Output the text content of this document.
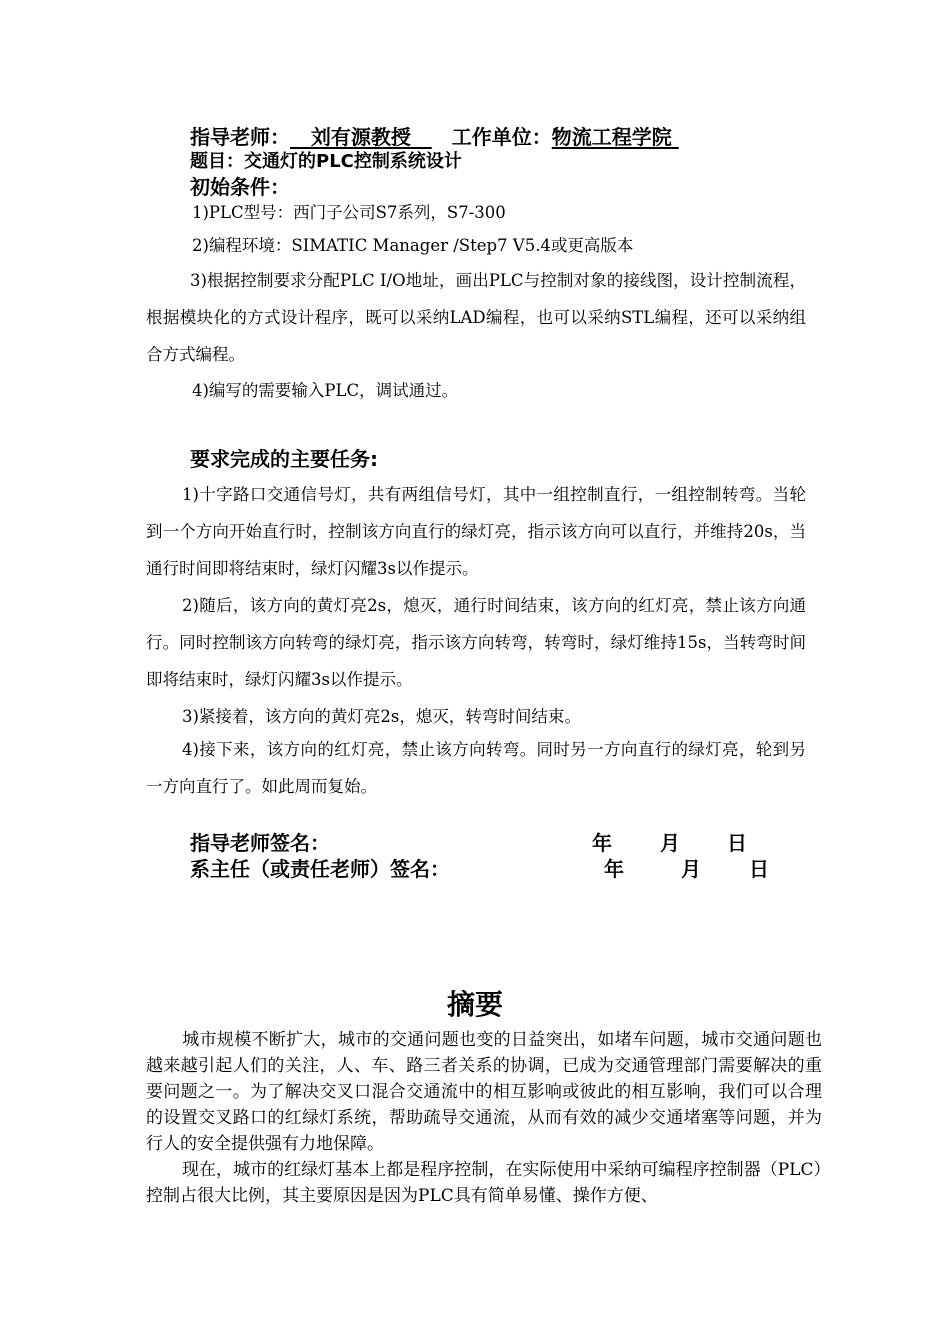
指导老师： 刘有源教授 工作单位：物流工程学院
题目：交通灯的PLC控制系统设计
初始条件：
1)PLC型号：西门子公司S7系列，S7-300
2)编程环境：SIMATIC Manager /Step7 V5.4或更高版本
3)根据控制要求分配PLC I/O地址，画出PLC与控制对象的接线图，设计控制流程，根据模块化的方式设计程序，既可以采纳LAD编程，也可以采纳STL编程，还可以采纳组合方式编程。
4)编写的需要输入PLC，调试通过。
要求完成的主要任务:
1)十字路口交通信号灯，共有两组信号灯，其中一组控制直行，一组控制转弯。当轮到一个方向开始直行时，控制该方向直行的绿灯亮，指示该方向可以直行，并维持20s，当通行时间即将结束时，绿灯闪耀3s以作提示。
2)随后，该方向的黄灯亮2s，熄灭，通行时间结束，该方向的红灯亮，禁止该方向通行。同时控制该方向转弯的绿灯亮，指示该方向转弯，转弯时，绿灯维持15s，当转弯时间即将结束时，绿灯闪耀3s以作提示。
3)紧接着，该方向的黄灯亮2s，熄灭，转弯时间结束。
4)接下来，该方向的红灯亮，禁止该方向转弯。同时另一方向直行的绿灯亮，轮到另一方向直行了。如此周而复始。
指导老师签名：	年 月 日
系主任（或责任老师）签名：	年	月 日
摘要
城市规模不断扩大，城市的交通问题也变的日益突出，如堵车问题，城市交通问题也越来越引起人们的关注，人、车、路三者关系的协调，已成为交通管理部门需要解决的重要问题之一。为了解决交叉口混合交通流中的相互影响或彼此的相互影响，我们可以合理的设置交叉路口的红绿灯系统，帮助疏导交通流，从而有效的减少交通堵塞等问题，并为行人的安全提供强有力地保障。
现在，城市的红绿灯基本上都是程序控制，在实际使用中采纳可编程序控制器（PLC）控制占很大比例，其主要原因是因为PLC具有简单易懂、操作方便、
